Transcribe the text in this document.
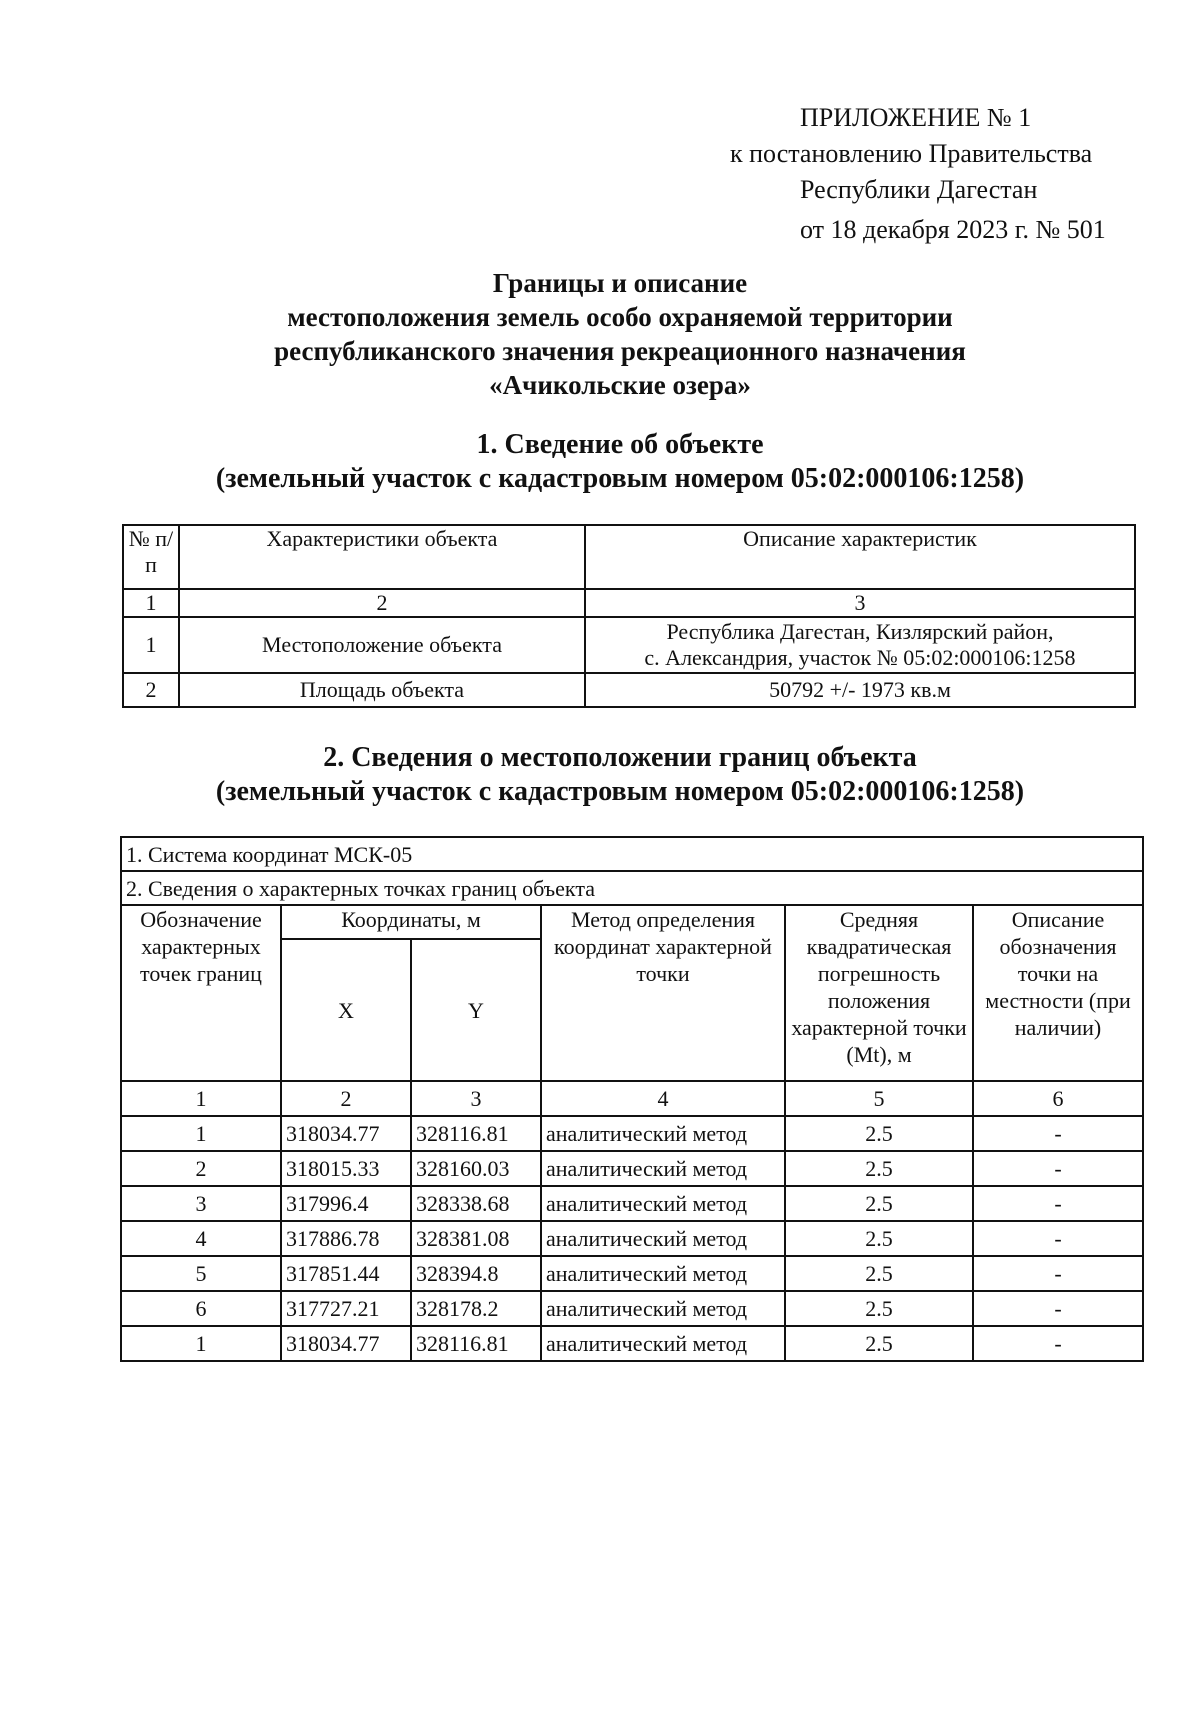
ПРИЛОЖЕНИЕ № 1
к постановлению Правительства
Республики Дагестан
от 18 декабря 2023 г. № 501
Границы и описание
местоположения земель особо охраняемой территории
республиканского значения рекреационного назначения
«Ачикольские озера»
1. Сведение об объекте
(земельный участок с кадастровым номером 05:02:000106:1258)
№ п/п	Характеристики объекта	Описание характеристик
1	2	3
1	Местоположение объекта	Республика Дагестан, Кизлярский район,
с. Александрия, участок № 05:02:000106:1258

2	Площадь объекта	50792 +/- 1973 кв.м
2. Сведения о местоположении границ объекта
(земельный участок с кадастровым номером 05:02:000106:1258)
1. Система координат МСК-05					
2. Сведения о характерных точках границ объекта					
Обозначение характерных точек границ	Координаты, м		Метод определения координат характерной точки	Средняя квадратическая погрешность положения характерной точки (Mt), м	Описание обозначения точки на местности (при наличии)
	X	Y			
1	2	3	4	5	6
1	318034.77	328116.81	аналитический метод	2.5	-
2	318015.33	328160.03	аналитический метод	2.5	-
3	317996.4	328338.68	аналитический метод	2.5	-
4	317886.78	328381.08	аналитический метод	2.5	-
5	317851.44	328394.8	аналитический метод	2.5	-
6	317727.21	328178.2	аналитический метод	2.5	-
1	318034.77	328116.81	аналитический метод	2.5	-
